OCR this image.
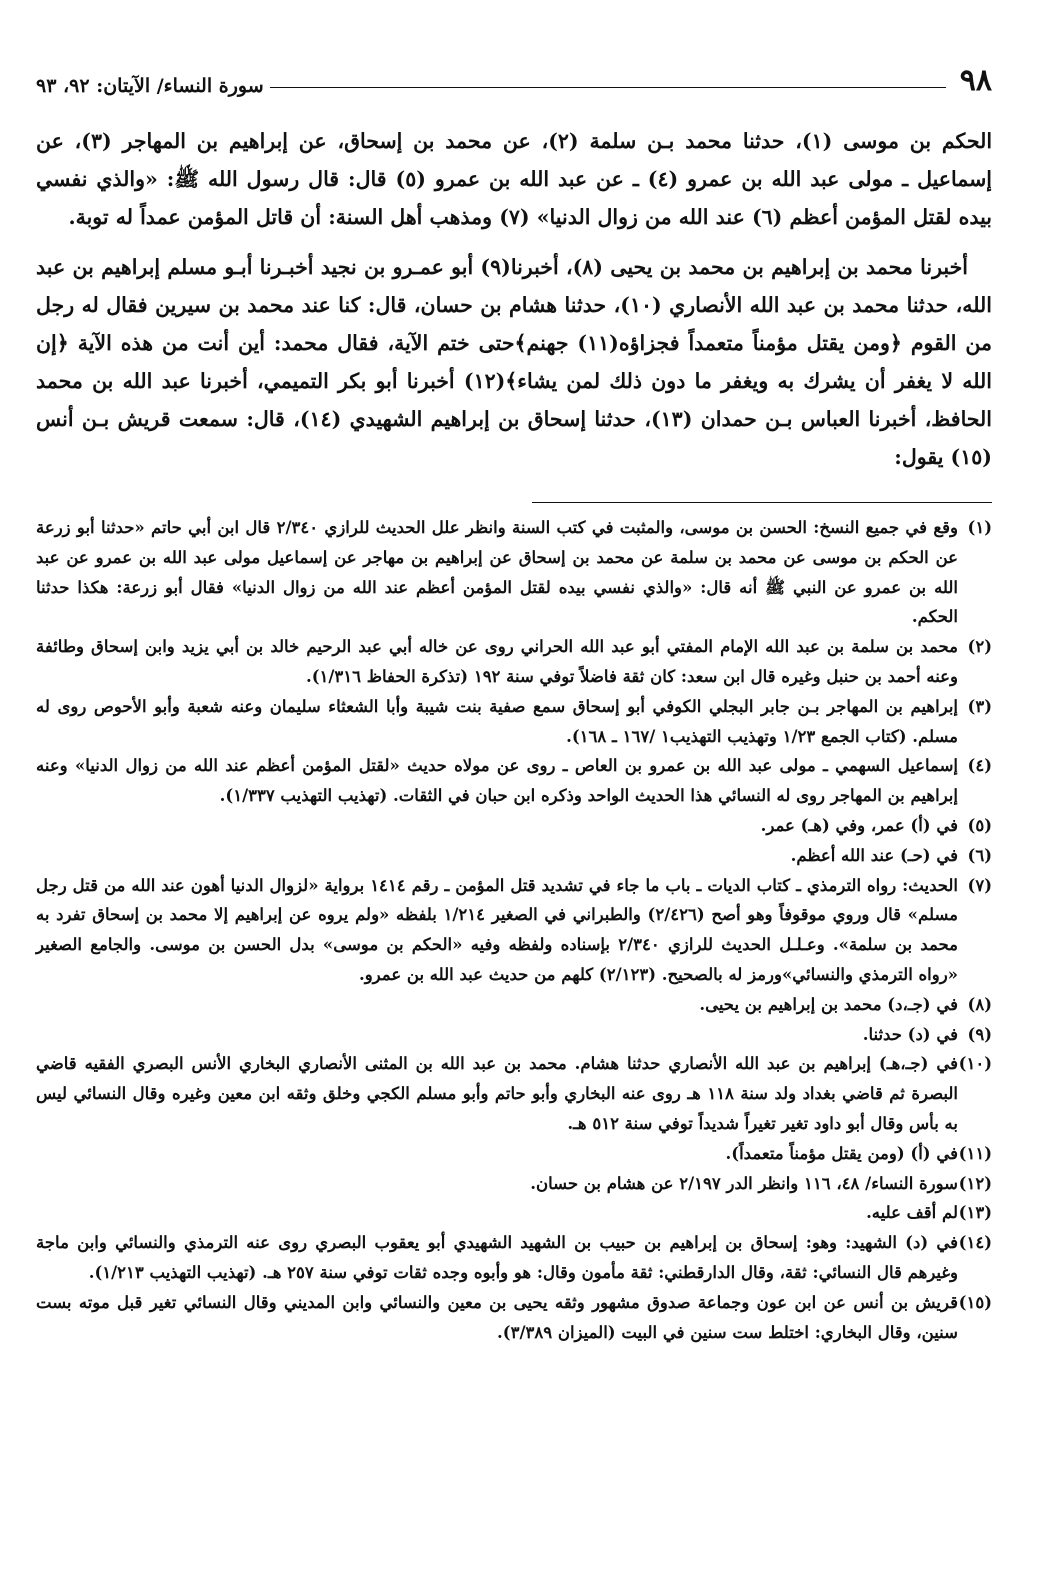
٩٨
سورة النساء/ الآيتان: ٩٢، ٩٣

الحكم بن موسى (١)، حدثنا محمد بـن سلمة (٢)، عن محمد بن إسحاق، عن إبراهيم بن المهاجر (٣)، عن إسماعيل ـ مولى عبد الله بن عمرو (٤) ـ عن عبد الله بن عمرو (٥) قال: قال رسول الله ﷺ: «والذي نفسي بيده لقتل المؤمن أعظم (٦) عند الله من زوال الدنيا» (٧) ومذهب أهل السنة: أن قاتل المؤمن عمداً له توبة.

أخبرنا محمد بن إبراهيم بن محمد بن يحيى (٨)، أخبرنا(٩) أبو عمـرو بن نجيد أخبـرنا أبـو مسلم إبراهيم بن عبد الله، حدثنا محمد بن عبد الله الأنصاري (١٠)، حدثنا هشام بن حسان، قال: كنا عند محمد بن سيرين فقال له رجل من القوم ﴿ومن يقتل مؤمناً متعمداً فجزاؤه(١١) جهنم﴾حتى ختم الآية، فقال محمد: أين أنت من هذه الآية ﴿إن الله لا يغفر أن يشرك به ويغفر ما دون ذلك لمن يشاء﴾(١٢) أخبرنا أبو بكر التميمي، أخبرنا عبد الله بن محمد الحافظ، أخبرنا العباس بـن حمدان (١٣)، حدثنا إسحاق بن إبراهيم الشهيدي (١٤)، قال: سمعت قريش بـن أنس (١٥) يقول:

(١)وقع في جميع النسخ: الحسن بن موسى، والمثبت في كتب السنة وانظر علل الحديث للرازي ٢/٣٤٠ قال ابن أبي حاتم «حدثنا أبو زرعة عن الحكم بن موسى عن محمد بن سلمة عن محمد بن إسحاق عن إبراهيم بن مهاجر عن إسماعيل مولى عبد الله بن عمرو عن عبد الله بن عمرو عن النبي ﷺ أنه قال: «والذي نفسي بيده لقتل المؤمن أعظم عند الله من زوال الدنيا» فقال أبو زرعة: هكذا حدثنا الحكم.

(٢)محمد بن سلمة بن عبد الله الإمام المفتي أبو عبد الله الحراني روى عن خاله أبي عبد الرحيم خالد بن أبي يزيد وابن إسحاق وطائفة وعنه أحمد بن حنبل وغيره قال ابن سعد: كان ثقة فاضلاً توفي سنة ١٩٢ (تذكرة الحفاظ ١/٣١٦).

(٣)إبراهيم بن المهاجر بـن جابر البجلي الكوفي أبو إسحاق سمع صفية بنت شيبة وأبا الشعثاء سليمان وعنه شعبة وأبو الأحوص روى له مسلم. (كتاب الجمع ١/٢٣ وتهذيب التهذيب١ /١٦٧ ـ ١٦٨).

(٤)إسماعيل السهمي ـ مولى عبد الله بن عمرو بن العاص ـ روى عن مولاه حديث «لقتل المؤمن أعظم عند الله من زوال الدنيا» وعنه إبراهيم بن المهاجر روى له النسائي هذا الحديث الواحد وذكره ابن حبان في الثقات. (تهذيب التهذيب ١/٣٣٧).

(٥)في (أ) عمر، وفي (هـ) عمر.

(٦)في (حـ) عند الله أعظم.

(٧)الحديث: رواه الترمذي ـ كتاب الديات ـ باب ما جاء في تشديد قتل المؤمن ـ رقم ١٤١٤ برواية «لزوال الدنيا أهون عند الله من قتل رجل مسلم» قال وروي موقوفاً وهو أصح (٢/٤٢٦) والطبراني في الصغير ١/٢١٤ بلفظه «ولم يروه عن إبراهيم إلا محمد بن إسحاق تفرد به محمد بن سلمة». وعـلـل الحديث للرازي ٢/٣٤٠ بإسناده ولفظه وفيه «الحكم بن موسى» بدل الحسن بن موسى. والجامع الصغير «رواه الترمذي والنسائي»ورمز له بالصحيح. (٢/١٢٣) كلهم من حديث عبد الله بن عمرو.

(٨)في (جـ،د) محمد بن إبراهيم بن يحيى.

(٩)في (د) حدثنا.

(١٠)في (جـ،هـ) إبراهيم بن عبد الله الأنصاري حدثنا هشام. محمد بن عبد الله بن المثنى الأنصاري البخاري الأنس البصري الفقيه قاضي البصرة ثم قاضي بغداد ولد سنة ١١٨ هـ روى عنه البخاري وأبو حاتم وأبو مسلم الكجي وخلق وثقه ابن معين وغيره وقال النسائي ليس به بأس وقال أبو داود تغير تغيراً شديداً توفي سنة ٥١٢ هـ.

(١١)في (أ) (ومن يقتل مؤمناً متعمداً).

(١٢)سورة النساء/ ٤٨، ١١٦ وانظر الدر ٢/١٩٧ عن هشام بن حسان.

(١٣)لم أقف عليه.

(١٤)في (د) الشهيد: وهو: إسحاق بن إبراهيم بن حبيب بن الشهيد الشهيدي أبو يعقوب البصري روى عنه الترمذي والنسائي وابن ماجة وغيرهم قال النسائي: ثقة، وقال الدارقطني: ثقة مأمون وقال: هو وأبوه وجده ثقات توفي سنة ٢٥٧ هـ. (تهذيب التهذيب ١/٢١٣).

(١٥)قريش بن أنس عن ابن عون وجماعة صدوق مشهور وثقه يحيى بن معين والنسائي وابن المديني وقال النسائي تغير قبل موته بست سنين، وقال البخاري: اختلط ست سنين في البيت (الميزان ٣/٣٨٩).
